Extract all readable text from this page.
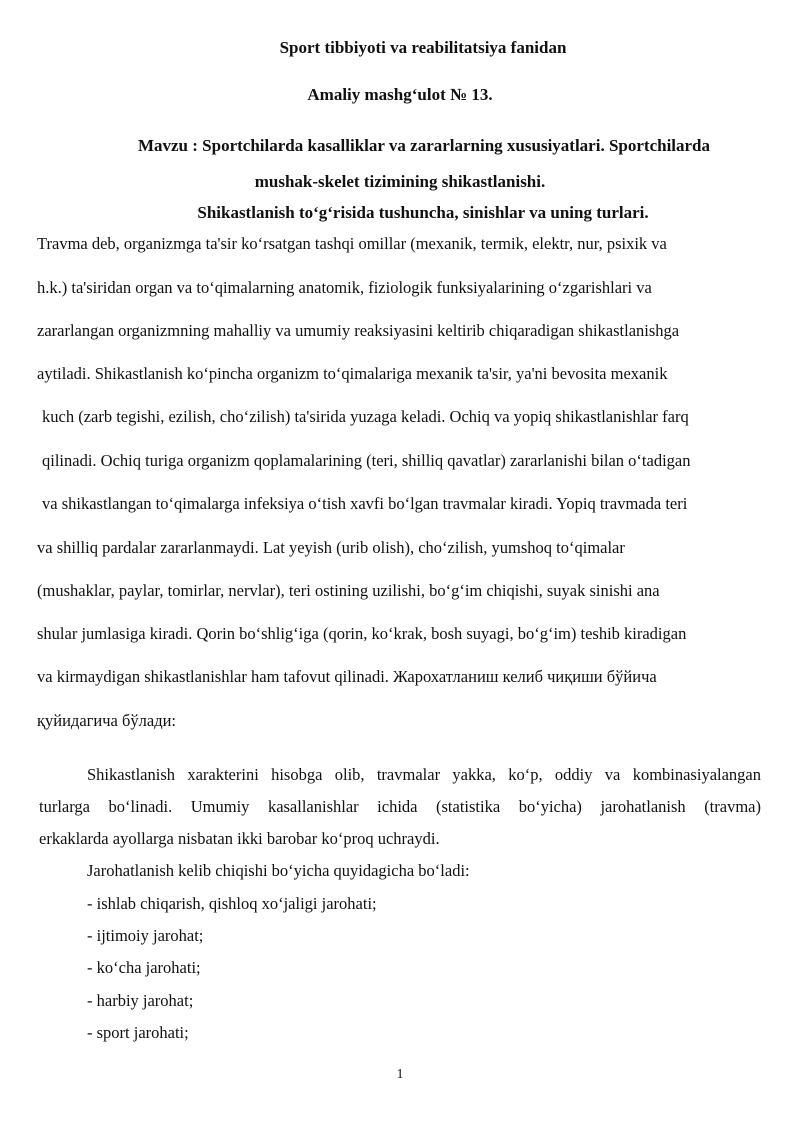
Sport tibbiyoti va reabilitatsiya fanidan
Amaliy mashg‘ulot № 13.
Mavzu : Sportchilarda kasalliklar va zararlarning xususiyatlari. Sportchilarda
mushak-skelet tizimining shikastlanishi.
Shikastlanish to‘g‘risida tushuncha, sinishlar va uning turlari.
Travma deb, organizmga ta'sir ko‘rsatgan tashqi omillar (mexanik, termik, elektr, nur, psixik va
h.k.) ta'siridan organ va to‘qimalarning anatomik, fiziologik funksiyalarining o‘zgarishlari va
zararlangan organizmning mahalliy va umumiy reaksiyasini keltirib chiqaradigan shikastlanishga
aytiladi. Shikastlanish ko‘pincha organizm to‘qimalariga mexanik ta'sir, ya'ni bevosita mexanik
kuch (zarb tegishi, ezilish, cho‘zilish) ta'sirida yuzaga keladi. Ochiq va yopiq shikastlanishlar farq
qilinadi. Ochiq turiga organizm qoplamalarining (teri, shilliq qavatlar) zararlanishi bilan o‘tadigan
va shikastlangan to‘qimalarga infeksiya o‘tish xavfi bo‘lgan travmalar kiradi. Yopiq travmada teri
va shilliq pardalar zararlanmaydi. Lat yeyish (urib olish), cho‘zilish, yumshoq to‘qimalar
(mushaklar, paylar, tomirlar, nervlar), teri ostining uzilishi, bo‘g‘im chiqishi, suyak sinishi ana
shular jumlasiga kiradi. Qorin bo‘shlig‘iga (qorin, ko‘krak, bosh suyagi, bo‘g‘im) teshib kiradigan
va kirmaydigan shikastlanishlar ham tafovut qilinadi. Жарохатланиш келиб чиқиши бўйича
қуйидагича бўлади:
Shikastlanish xarakterini hisobga olib, travmalar yakka, ko‘p, oddiy va kombinasiyalangan
turlarga bo‘linadi. Umumiy kasallanishlar ichida (statistika bo‘yicha) jarohatlanish (travma)
erkaklarda ayollarga nisbatan ikki barobar ko‘proq uchraydi.
Jarohatlanish kelib chiqishi bo‘yicha quyidagicha bo‘ladi:
- ishlab chiqarish, qishloq xo‘jaligi jarohati;
- ijtimoiy jarohat;
- ko‘cha jarohati;
- harbiy jarohat;
- sport jarohati;
1
